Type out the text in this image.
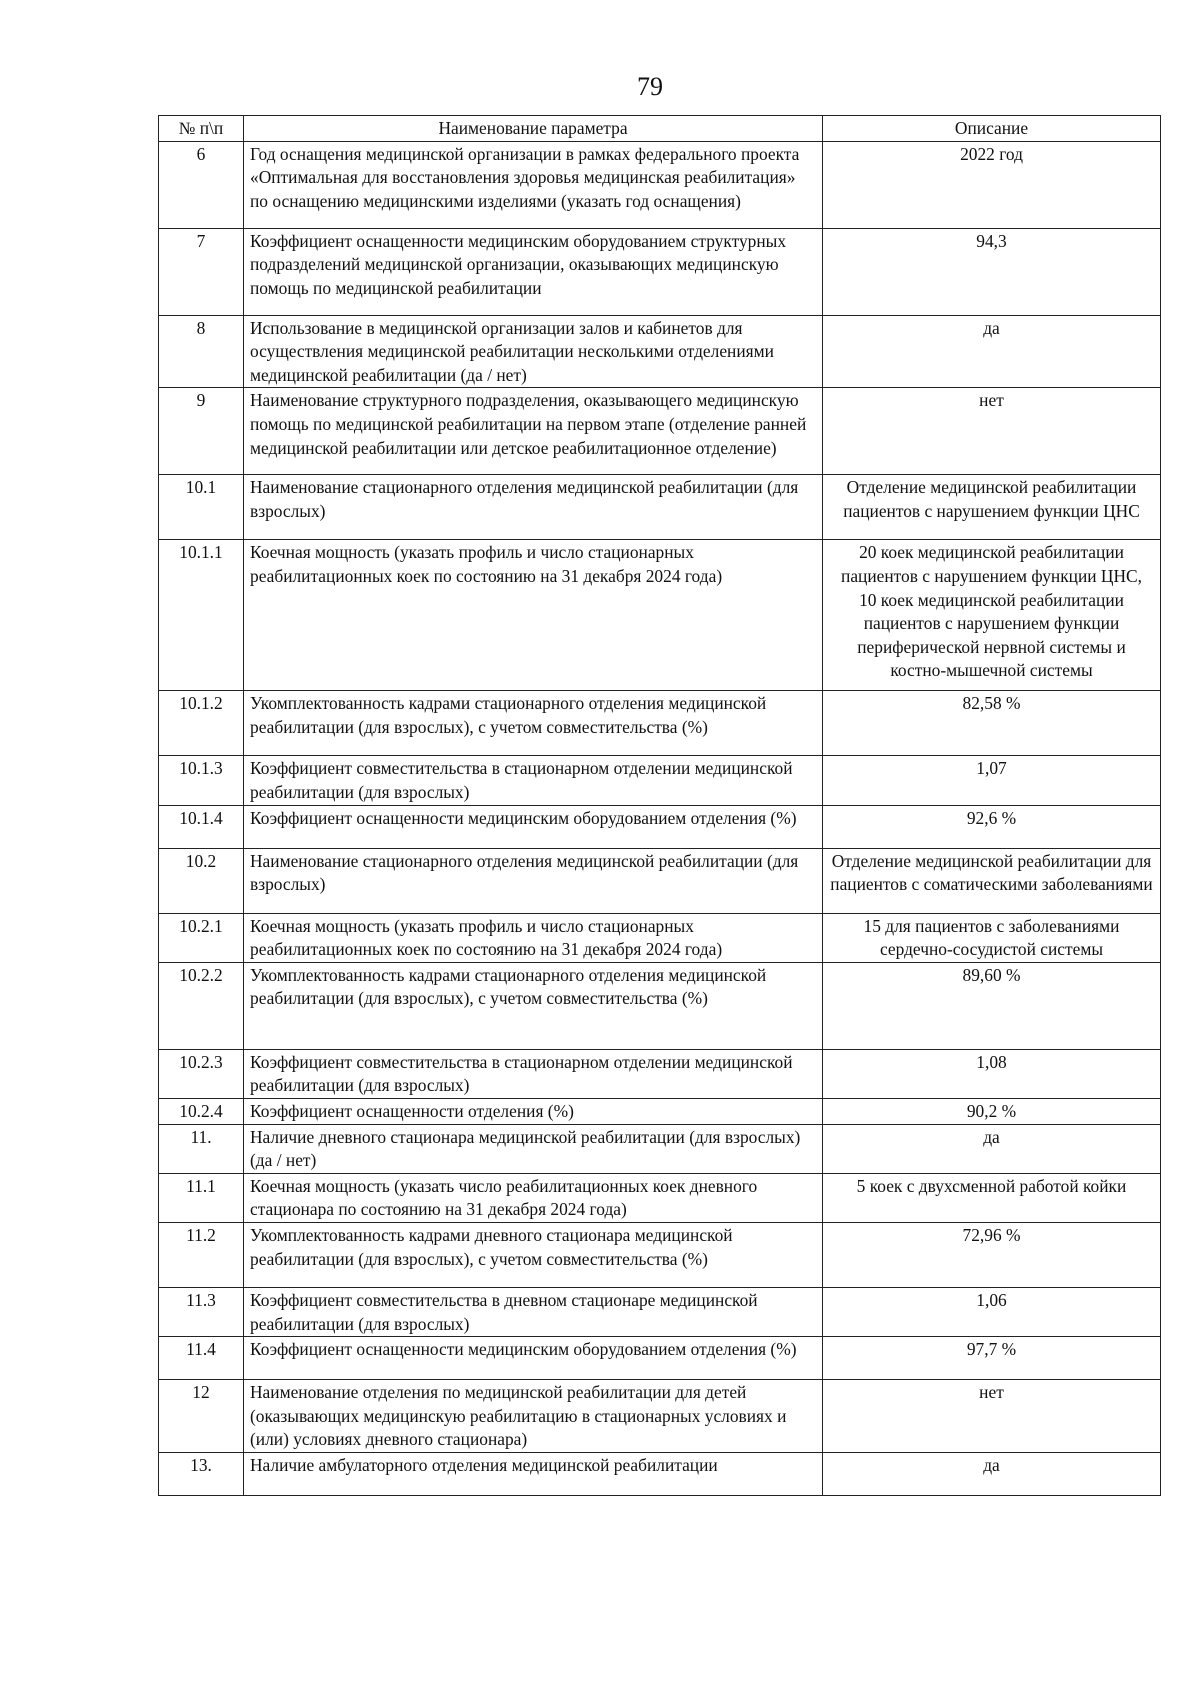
79
№ п\п	Наименование параметра	Описание
6	Год оснащения медицинской организации в рамках федерального проекта «Оптимальная для восстановления здоровья медицинская реабилитация» по оснащению медицинскими изделиями (указать год оснащения)	2022 год
7	Коэффициент оснащенности медицинским оборудованием структурных подразделений медицинской организации, оказывающих медицинскую помощь по медицинской реабилитации	94,3
8	Использование в медицинской организации залов и кабинетов для осуществления медицинской реабилитации несколькими отделениями медицинской реабилитации (да / нет)	да
9	Наименование структурного подразделения, оказывающего медицинскую помощь по медицинской реабилитации на первом этапе (отделение ранней медицинской реабилитации или детское реабилитационное отделение)	нет
10.1	Наименование стационарного отделения медицинской реабилитации (для взрослых)	Отделение медицинской реабилитации пациентов с нарушением функции ЦНС
10.1.1	Коечная мощность (указать профиль и число стационарных реабилитационных коек по состоянию на 31 декабря 2024 года)	20 коек медицинской реабилитации пациентов с нарушением функции ЦНС,
10 коек медицинской реабилитации пациентов с нарушением функции периферической нервной системы и костно-мышечной системы
10.1.2	Укомплектованность кадрами стационарного отделения медицинской реабилитации (для взрослых), с учетом совместительства (%)	82,58 %
10.1.3	Коэффициент совместительства в стационарном отделении медицинской реабилитации (для взрослых)	1,07
10.1.4	Коэффициент оснащенности медицинским оборудованием отделения (%)	92,6 %
10.2	Наименование стационарного отделения медицинской реабилитации (для взрослых)	Отделение медицинской реабилитации для пациентов с соматическими заболеваниями
10.2.1	Коечная мощность (указать профиль и число стационарных реабилитационных коек по состоянию на 31 декабря 2024 года)	15 для пациентов с заболеваниями сердечно-сосудистой системы
10.2.2	Укомплектованность кадрами стационарного отделения медицинской реабилитации (для взрослых), с учетом совместительства (%)	89,60 %
10.2.3	Коэффициент совместительства в стационарном отделении медицинской реабилитации (для взрослых)	1,08
10.2.4	Коэффициент оснащенности отделения (%)	90,2 %
11.	Наличие дневного стационара медицинской реабилитации (для взрослых) (да / нет)	да
11.1	Коечная мощность (указать число реабилитационных коек дневного стационара по состоянию на 31 декабря 2024 года)	5 коек с двухсменной работой койки
11.2	Укомплектованность кадрами дневного стационара медицинской реабилитации (для взрослых), с учетом совместительства (%)	72,96 %
11.3	Коэффициент совместительства в дневном стационаре медицинской реабилитации (для взрослых)	1,06
11.4	Коэффициент оснащенности медицинским оборудованием отделения (%)	97,7 %
12	Наименование отделения по медицинской реабилитации для детей (оказывающих медицинскую реабилитацию в стационарных условиях и (или) условиях дневного стационара)	нет
13.	Наличие амбулаторного отделения медицинской реабилитации	да
